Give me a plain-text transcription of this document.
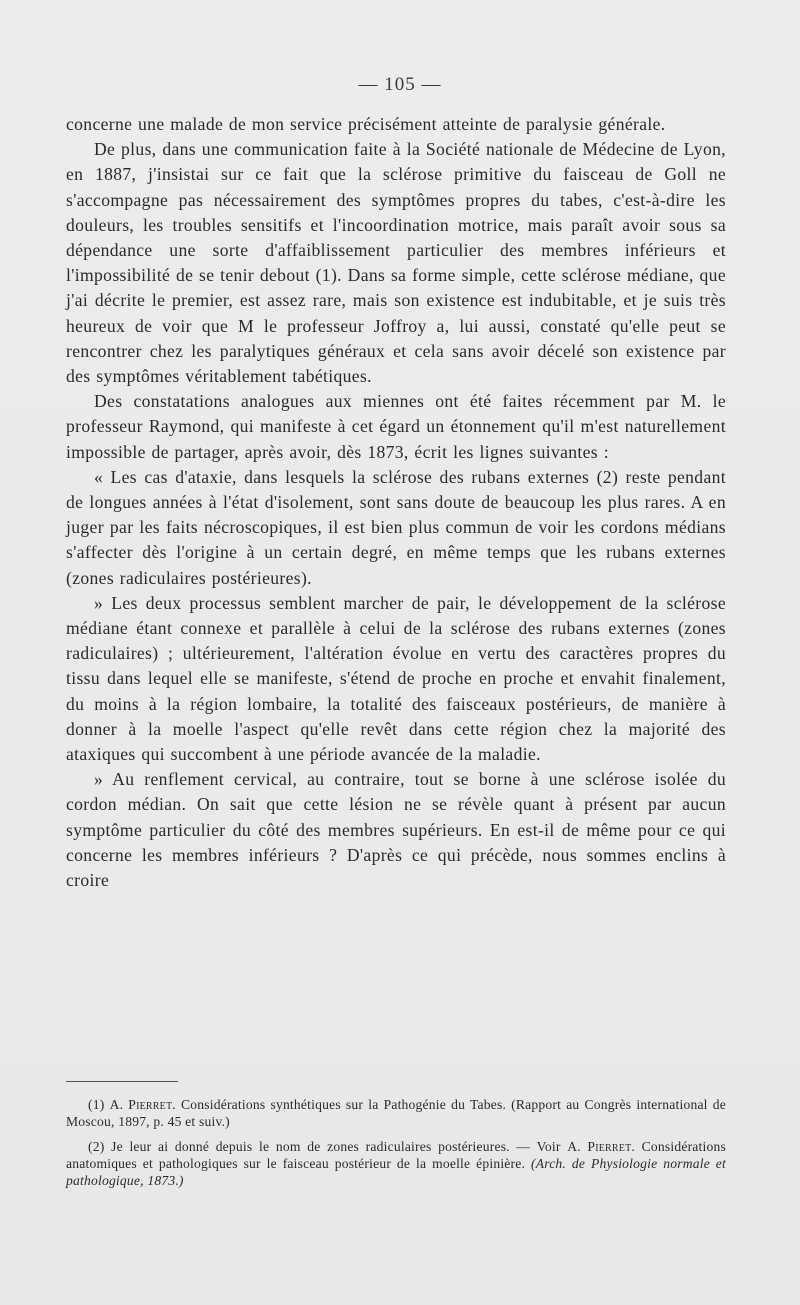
— 105 —

concerne une malade de mon service précisément atteinte de paralysie générale.

De plus, dans une communication faite à la Société nationale de Médecine de Lyon, en 1887, j'insistai sur ce fait que la sclérose primitive du faisceau de Goll ne s'accompagne pas nécessairement des symptômes propres du tabes, c'est-à-dire les douleurs, les troubles sensitifs et l'incoordination motrice, mais paraît avoir sous sa dépendance une sorte d'affaiblissement particulier des membres inférieurs et l'impossibilité de se tenir debout (1). Dans sa forme simple, cette sclérose médiane, que j'ai décrite le premier, est assez rare, mais son existence est indubitable, et je suis très heureux de voir que M le professeur Joffroy a, lui aussi, constaté qu'elle peut se rencontrer chez les paralytiques généraux et cela sans avoir décelé son existence par des symptômes véritablement tabétiques.

Des constatations analogues aux miennes ont été faites récemment par M. le professeur Raymond, qui manifeste à cet égard un étonnement qu'il m'est naturellement impossible de partager, après avoir, dès 1873, écrit les lignes suivantes :

« Les cas d'ataxie, dans lesquels la sclérose des rubans externes (2) reste pendant de longues années à l'état d'isolement, sont sans doute de beaucoup les plus rares. A en juger par les faits nécroscopiques, il est bien plus commun de voir les cordons médians s'affecter dès l'origine à un certain degré, en même temps que les rubans externes (zones radiculaires postérieures).

» Les deux processus semblent marcher de pair, le développement de la sclérose médiane étant connexe et parallèle à celui de la sclérose des rubans externes (zones radiculaires) ; ultérieurement, l'altération évolue en vertu des caractères propres du tissu dans lequel elle se manifeste, s'étend de proche en proche et envahit finalement, du moins à la région lombaire, la totalité des faisceaux postérieurs, de manière à donner à la moelle l'aspect qu'elle revêt dans cette région chez la majorité des ataxiques qui succombent à une période avancée de la maladie.

» Au renflement cervical, au contraire, tout se borne à une sclérose isolée du cordon médian. On sait que cette lésion ne se révèle quant à présent par aucun symptôme particulier du côté des membres supérieurs. En est-il de même pour ce qui concerne les membres inférieurs ? D'après ce qui précède, nous sommes enclins à croire

(1) A. Pierret. Considérations synthétiques sur la Pathogénie du Tabes. (Rapport au Congrès international de Moscou, 1897, p. 45 et suiv.)

(2) Je leur ai donné depuis le nom de zones radiculaires postérieures. — Voir A. Pierret. Considérations anatomiques et pathologiques sur le faisceau postérieur de la moelle épinière. (Arch. de Physiologie normale et pathologique, 1873.)
